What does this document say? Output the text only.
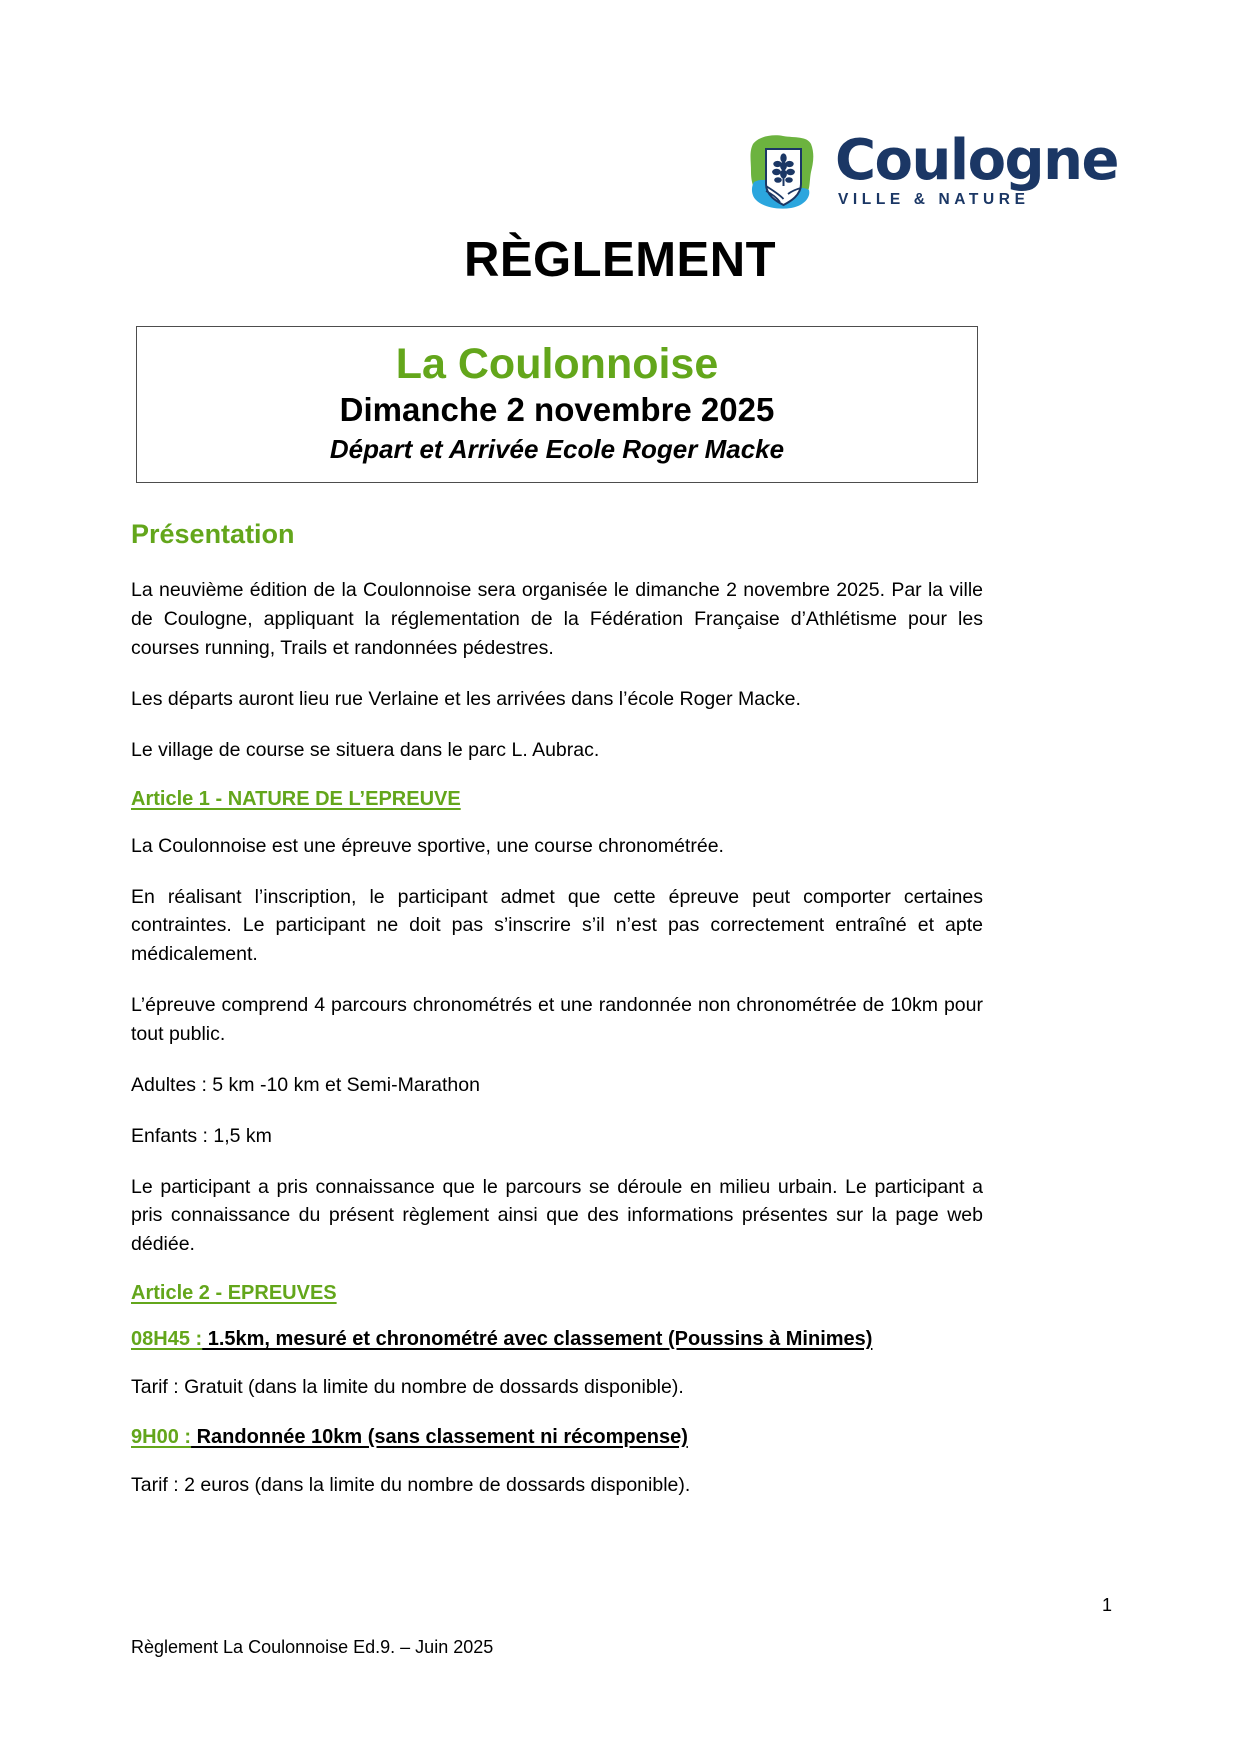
Coulogne
VILLE & NATURE
RÈGLEMENT
La Coulonnoise
Dimanche 2 novembre 2025
Départ et Arrivée Ecole Roger Macke
Présentation

La neuvième édition de la Coulonnoise sera organisée le dimanche 2 novembre 2025. Par la ville de Coulogne, appliquant la réglementation de la Fédération Française d’Athlétisme pour les courses running, Trails et randonnées pédestres.

Les départs auront lieu rue Verlaine et les arrivées dans l’école Roger Macke.

Le village de course se situera dans le parc L. Aubrac.

Article 1 - NATURE DE L’EPREUVE

La Coulonnoise est une épreuve sportive, une course chronométrée.

En réalisant l’inscription, le participant admet que cette épreuve peut comporter certaines contraintes. Le participant ne doit pas s’inscrire s’il n’est pas correctement entraîné et apte médicalement.

L’épreuve comprend 4 parcours chronométrés et une randonnée non chronométrée de 10km pour tout public.

Adultes : 5 km -10 km et Semi-Marathon

Enfants : 1,5 km

Le participant a pris connaissance que le parcours se déroule en milieu urbain. Le participant a pris connaissance du présent règlement ainsi que des informations présentes sur la page web dédiée.

Article 2 - EPREUVES

08H45 : 1.5km, mesuré et chronométré avec classement (Poussins à Minimes)

Tarif : Gratuit (dans la limite du nombre de dossards disponible).

9H00 : Randonnée 10km (sans classement ni récompense)

Tarif : 2 euros (dans la limite du nombre de dossards disponible).

1
Règlement La Coulonnoise Ed.9. – Juin 2025
